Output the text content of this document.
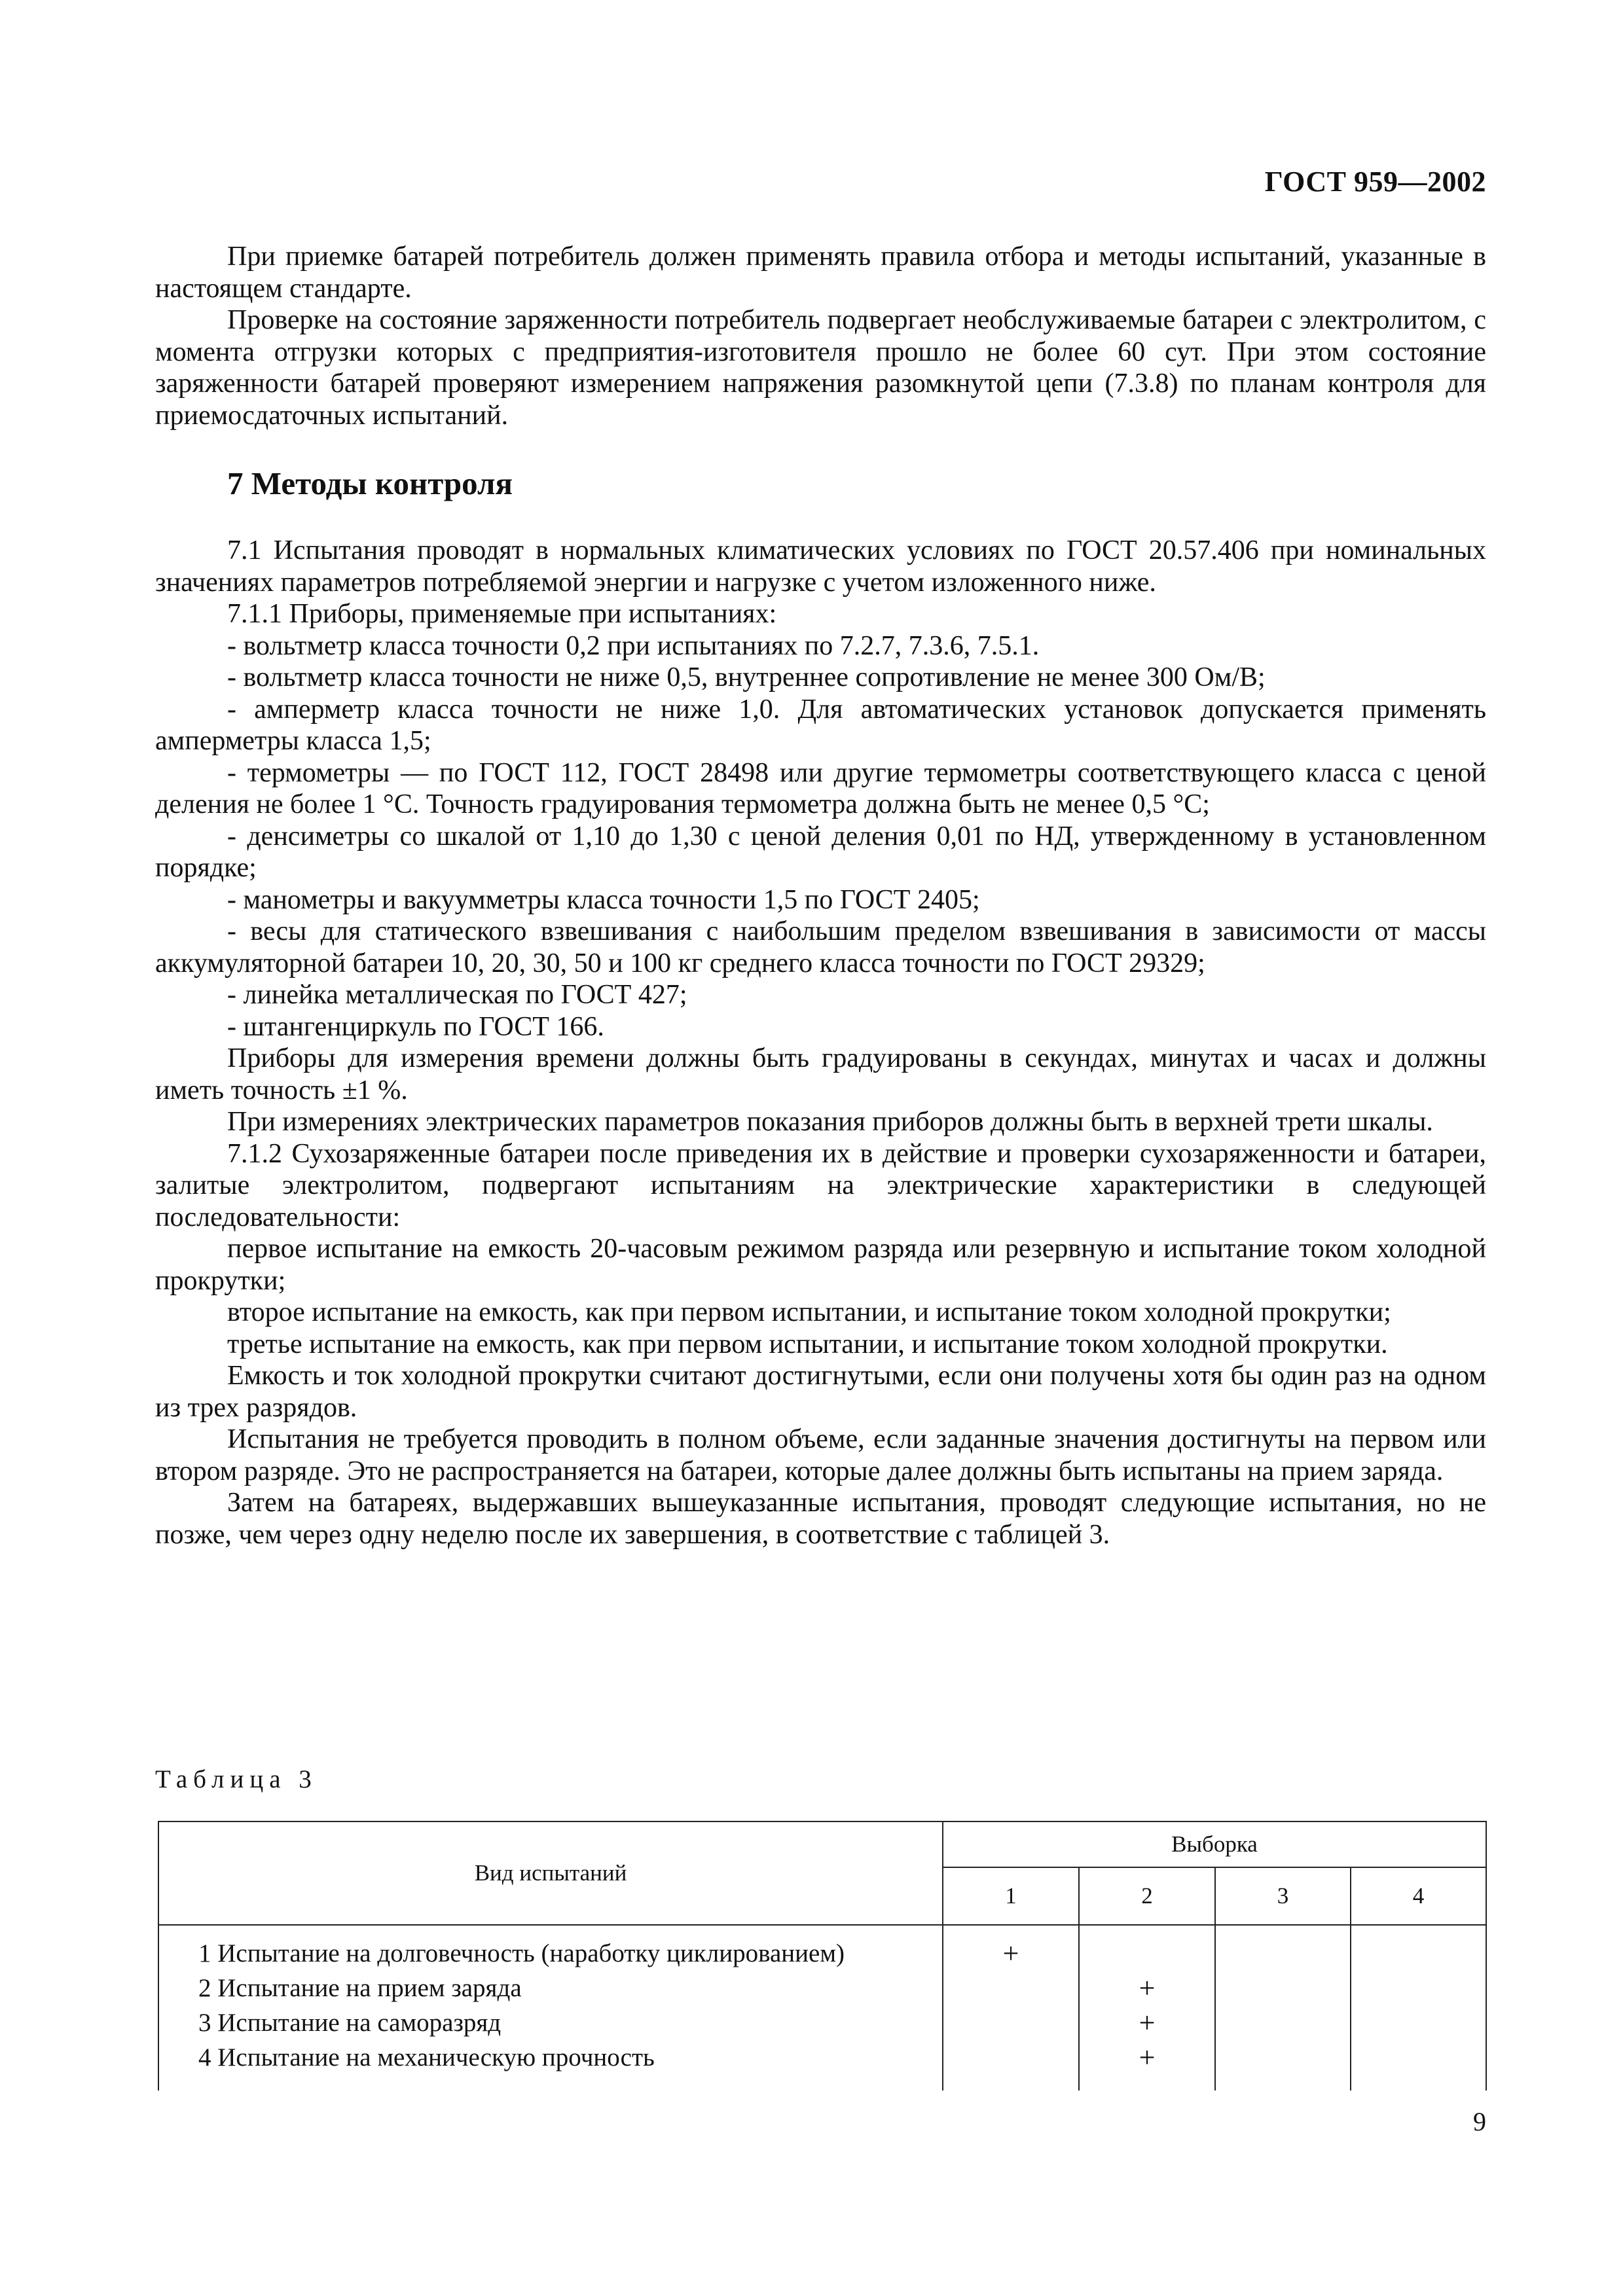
ГОСТ 959—2002

При приемке батарей потребитель должен применять правила отбора и методы испытаний, указанные в настоящем стандарте.

Проверке на состояние заряженности потребитель подвергает необслуживаемые батареи с электролитом, с момента отгрузки которых с предприятия-изготовителя прошло не более 60 сут. При этом состояние заряженности батарей проверяют измерением напряжения разомкнутой цепи (7.3.8) по планам контроля для приемосдаточных испытаний.

7 Методы контроля

7.1 Испытания проводят в нормальных климатических условиях по ГОСТ 20.57.406 при номинальных значениях параметров потребляемой энергии и нагрузке с учетом изложенного ниже.

7.1.1 Приборы, применяемые при испытаниях:

- вольтметр класса точности 0,2 при испытаниях по 7.2.7, 7.3.6, 7.5.1.

- вольтметр класса точности не ниже 0,5, внутреннее сопротивление не менее 300 Ом/В;

- амперметр класса точности не ниже 1,0. Для автоматических установок допускается применять амперметры класса 1,5;

- термометры — по ГОСТ 112, ГОСТ 28498 или другие термометры соответствующего класса с ценой деления не более 1 °С. Точность градуирования термометра должна быть не менее 0,5 °С;

- денсиметры со шкалой от 1,10 до 1,30 с ценой деления 0,01 по НД, утвержденному в установленном порядке;

- манометры и вакуумметры класса точности 1,5 по ГОСТ 2405;

- весы для статического взвешивания с наибольшим пределом взвешивания в зависимости от массы аккумуляторной батареи 10, 20, 30, 50 и 100 кг среднего класса точности по ГОСТ 29329;

- линейка металлическая по ГОСТ 427;

- штангенциркуль по ГОСТ 166.

Приборы для измерения времени должны быть градуированы в секундах, минутах и часах и должны иметь точность ±1 %.

При измерениях электрических параметров показания приборов должны быть в верхней трети шкалы.

7.1.2 Сухозаряженные батареи после приведения их в действие и проверки сухозаряженности и батареи, залитые электролитом, подвергают испытаниям на электрические характеристики в следующей последовательности:

первое испытание на емкость 20-часовым режимом разряда или резервную и испытание током холодной прокрутки;

второе испытание на емкость, как при первом испытании, и испытание током холодной прокрутки;

третье испытание на емкость, как при первом испытании, и испытание током холодной прокрутки.

Емкость и ток холодной прокрутки считают достигнутыми, если они получены хотя бы один раз на одном из трех разрядов.

Испытания не требуется проводить в полном объеме, если заданные значения достигнуты на первом или втором разряде. Это не распространяется на батареи, которые далее должны быть испытаны на прием заряда.

Затем на батареях, выдержавших вышеуказанные испытания, проводят следующие испытания, но не позже, чем через одну неделю после их завершения, в соответствие с таблицей 3.

Таблица 3
Вид испытаний	Выборка			
	1	2	3	4

1 Испытание на долговечность (наработку циклированием)	+			
2 Испытание на прием заряда		+		
3 Испытание на саморазряд		+		
4 Испытание на механическую прочность		+		

9
